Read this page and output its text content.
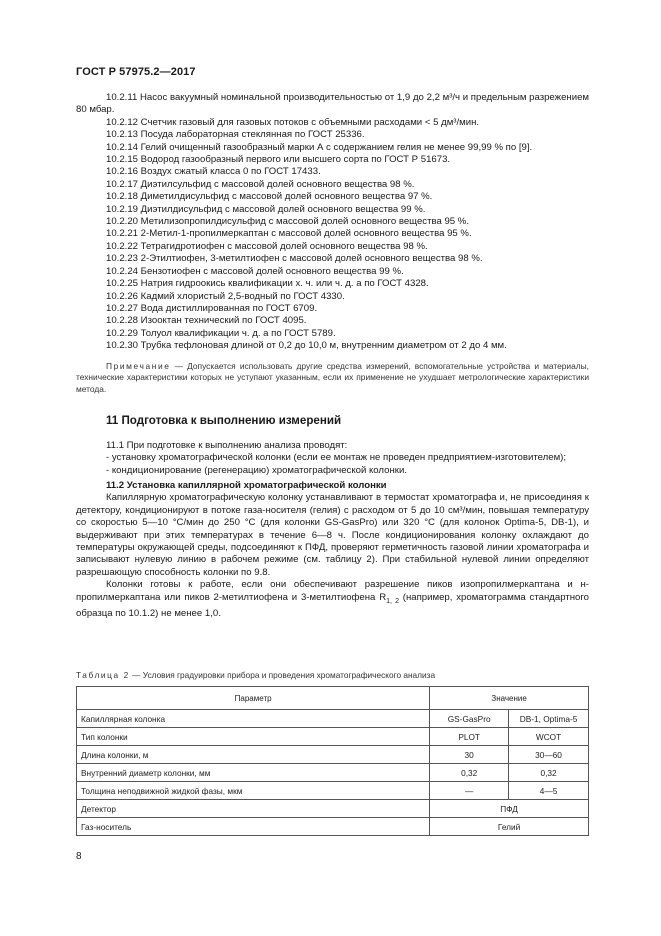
ГОСТ Р 57975.2—2017

10.2.11 Насос вакуумный номинальной производительностью от 1,9 до 2,2 м³/ч и предельным разрежением 80 мбар.

10.2.12 Счетчик газовый для газовых потоков с объемными расходами < 5 дм³/мин.

10.2.13 Посуда лабораторная стеклянная по ГОСТ 25336.

10.2.14 Гелий очищенный газообразный марки А с содержанием гелия не менее 99,99 % по [9].

10.2.15 Водород газообразный первого или высшего сорта по ГОСТ Р 51673.

10.2.16 Воздух сжатый класса 0 по ГОСТ 17433.

10.2.17 Диэтилсульфид с массовой долей основного вещества 98 %.

10.2.18 Диметилдисульфид с массовой долей основного вещества 97 %.

10.2.19 Диэтилдисульфид с массовой долей основного вещества 99 %.

10.2.20 Метилизопропилдисульфид с массовой долей основного вещества 95 %.

10.2.21 2-Метил-1-пропилмеркаптан с массовой долей основного вещества 95 %.

10.2.22 Тетрагидротиофен с массовой долей основного вещества 98 %.

10.2.23 2-Этилтиофен, 3-метилтиофен с массовой долей основного вещества 98 %.

10.2.24 Бензотиофен с массовой долей основного вещества 99 %.

10.2.25 Натрия гидроокись квалификации х. ч. или ч. д. а по ГОСТ 4328.

10.2.26 Кадмий хлористый 2,5-водный по ГОСТ 4330.

10.2.27 Вода дистиллированная по ГОСТ 6709.

10.2.28 Изооктан технический по ГОСТ 4095.

10.2.29 Толуол квалификации ч. д. а по ГОСТ 5789.

10.2.30 Трубка тефлоновая длиной от 0,2 до 10,0 м, внутренним диаметром от 2 до 4 мм.

Примечание — Допускается использовать другие средства измерений, вспомогательные устройства и материалы, технические характеристики которых не уступают указанным, если их применение не ухудшает метрологические характеристики метода.

11 Подготовка к выполнению измерений

11.1 При подготовке к выполнению анализа проводят:

- установку хроматографической колонки (если ее монтаж не проведен предприятием-изготовителем);

- кондиционирование (регенерацию) хроматографической колонки.

11.2 Установка капиллярной хроматографической колонки

Капиллярную хроматографическую колонку устанавливают в термостат хроматографа и, не присоединяя к детектору, кондиционируют в потоке газа-носителя (гелия) с расходом от 5 до 10 см³/мин, повышая температуру со скоростью 5—10 °С/мин до 250 °С (для колонки GS-GasPro) или 320 °С (для колонок Optima-5, DB-1), и выдерживают при этих температурах в течение 6—8 ч. После кондиционирования колонку охлаждают до температуры окружающей среды, подсоединяют к ПФД, проверяют герметичность газовой линии хроматографа и записывают нулевую линию в рабочем режиме (см. таблицу 2). При стабильной нулевой линии определяют разрешающую способность колонки по 9.8.

Колонки готовы к работе, если они обеспечивают разрешение пиков изопропилмеркаптана и н-пропилмеркаптана или пиков 2-метилтиофена и 3-метилтиофена $R_{1, 2}$ (например, хроматограмма стандартного образца по 10.1.2) не менее 1,0.

Таблица 2 — Условия градуировки прибора и проведения хроматографического анализа
Параметр	Значение	
Капиллярная колонка	GS-GasPro	DB-1, Optima-5
Тип колонки	PLOT	WCOT
Длина колонки, м	30	30—60
Внутренний диаметр колонки, мм	0,32	0,32
Толщина неподвижной жидкой фазы, мкм	—	4—5
Детектор	ПФД	
Газ-носитель	Гелий	
8
